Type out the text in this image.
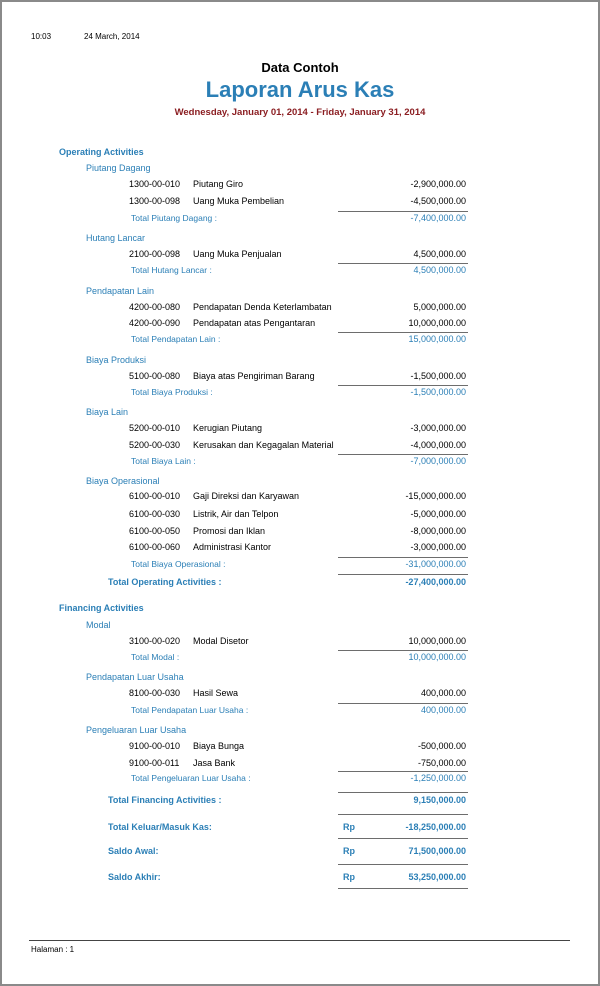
10:03	24 March, 2014
Data Contoh
Laporan Arus Kas
Wednesday, January 01, 2014 - Friday, January 31, 2014
Operating Activities
Piutang Dagang
1300-00-010 Piutang Giro	-2,900,000.00
1300-00-098 Uang Muka Pembelian	-4,500,000.00
Total Piutang Dagang :	-7,400,000.00
Hutang Lancar
2100-00-098 Uang Muka Penjualan	4,500,000.00
Total Hutang Lancar :	4,500,000.00
Pendapatan Lain
4200-00-080 Pendapatan Denda Keterlambatan	5,000,000.00
4200-00-090 Pendapatan atas Pengantaran	10,000,000.00
Total Pendapatan Lain :	15,000,000.00
Biaya Produksi
5100-00-080 Biaya atas Pengiriman Barang	-1,500,000.00
Total Biaya Produksi :	-1,500,000.00
Biaya Lain
5200-00-010 Kerugian Piutang	-3,000,000.00
5200-00-030 Kerusakan dan Kegagalan Material	-4,000,000.00
Total Biaya Lain :	-7,000,000.00
Biaya Operasional
6100-00-010 Gaji Direksi dan Karyawan	-15,000,000.00
6100-00-030 Listrik, Air dan Telpon	-5,000,000.00
6100-00-050 Promosi dan Iklan	-8,000,000.00
6100-00-060 Administrasi Kantor	-3,000,000.00
Total Biaya Operasional :	-31,000,000.00
Total Operating Activities :	-27,400,000.00
Financing Activities
Modal
3100-00-020 Modal Disetor	10,000,000.00
Total Modal :	10,000,000.00
Pendapatan Luar Usaha
8100-00-030 Hasil Sewa	400,000.00
Total Pendapatan Luar Usaha :	400,000.00
Pengeluaran Luar Usaha
9100-00-010 Biaya Bunga	-500,000.00
9100-00-011 Jasa Bank	-750,000.00
Total Pengeluaran Luar Usaha :	-1,250,000.00
Total Financing Activities :	9,150,000.00
Total Keluar/Masuk Kas:	Rp	-18,250,000.00
Saldo Awal:	Rp	71,500,000.00
Saldo Akhir:	Rp	53,250,000.00
Halaman : 1
